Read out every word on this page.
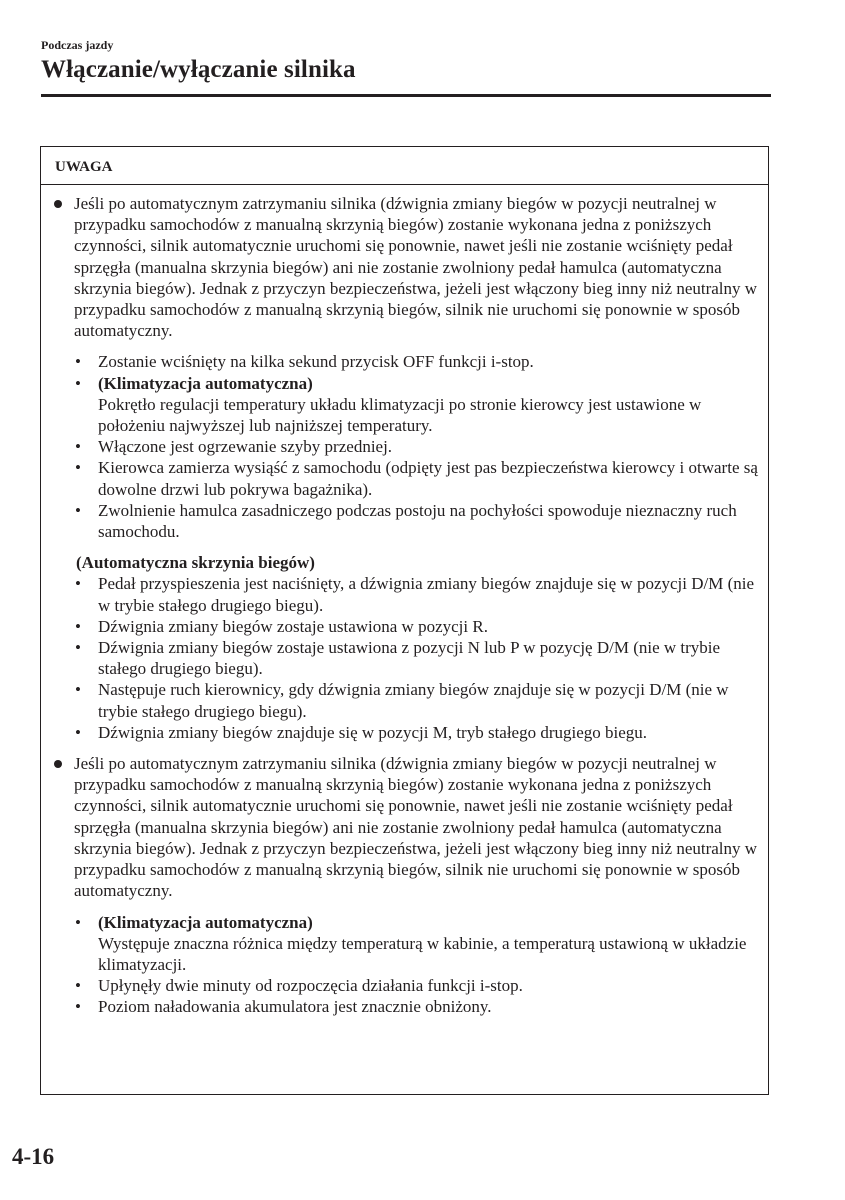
Podczas jazdy
Włączanie/wyłączanie silnika
UWAGA
Jeśli po automatycznym zatrzymaniu silnika (dźwignia zmiany biegów w pozycji neutralnej w przypadku samochodów z manualną skrzynią biegów) zostanie wykonana jedna z poniższych czynności, silnik automatycznie uruchomi się ponownie, nawet jeśli nie zostanie wciśnięty pedał sprzęgła (manualna skrzynia biegów) ani nie zostanie zwolniony pedał hamulca (automatyczna skrzynia biegów). Jednak z przyczyn bezpieczeństwa, jeżeli jest włączony bieg inny niż neutralny w przypadku samochodów z manualną skrzynią biegów, silnik nie uruchomi się ponownie w sposób automatyczny.
• Zostanie wciśnięty na kilka sekund przycisk OFF funkcji i-stop.
• (Klimatyzacja automatyczna)
Pokrętło regulacji temperatury układu klimatyzacji po stronie kierowcy jest ustawione w położeniu najwyższej lub najniższej temperatury.
• Włączone jest ogrzewanie szyby przedniej.
• Kierowca zamierza wysiąść z samochodu (odpięty jest pas bezpieczeństwa kierowcy i otwarte są dowolne drzwi lub pokrywa bagażnika).
• Zwolnienie hamulca zasadniczego podczas postoju na pochyłości spowoduje nieznaczny ruch samochodu.
(Automatyczna skrzynia biegów)
• Pedał przyspieszenia jest naciśnięty, a dźwignia zmiany biegów znajduje się w pozycji D/M (nie w trybie stałego drugiego biegu).
• Dźwignia zmiany biegów zostaje ustawiona w pozycji R.
• Dźwignia zmiany biegów zostaje ustawiona z pozycji N lub P w pozycję D/M (nie w trybie stałego drugiego biegu).
• Następuje ruch kierownicy, gdy dźwignia zmiany biegów znajduje się w pozycji D/M (nie w trybie stałego drugiego biegu).
• Dźwignia zmiany biegów znajduje się w pozycji M, tryb stałego drugiego biegu.
Jeśli po automatycznym zatrzymaniu silnika (dźwignia zmiany biegów w pozycji neutralnej w przypadku samochodów z manualną skrzynią biegów) zostanie wykonana jedna z poniższych czynności, silnik automatycznie uruchomi się ponownie, nawet jeśli nie zostanie wciśnięty pedał sprzęgła (manualna skrzynia biegów) ani nie zostanie zwolniony pedał hamulca (automatyczna skrzynia biegów). Jednak z przyczyn bezpieczeństwa, jeżeli jest włączony bieg inny niż neutralny w przypadku samochodów z manualną skrzynią biegów, silnik nie uruchomi się ponownie w sposób automatyczny.
• (Klimatyzacja automatyczna)
Występuje znaczna różnica między temperaturą w kabinie, a temperaturą ustawioną w układzie klimatyzacji.
• Upłynęły dwie minuty od rozpoczęcia działania funkcji i-stop.
• Poziom naładowania akumulatora jest znacznie obniżony.
4-16
